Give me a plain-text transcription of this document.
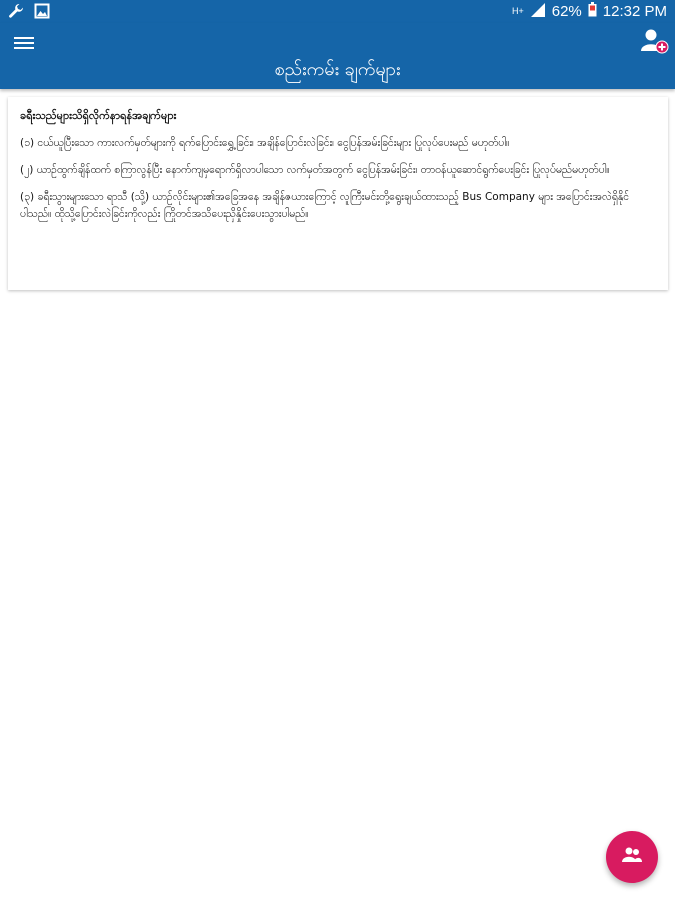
H+ 62% 12:32 PM
စည်းကမ်း ချက်များ
ခရီးသည်များသိရှိလိုက်နာရန်အချက်များ

(၁) ငယ်ယူပြီးသော ကားလက်မှတ်များကို ရက်ပြောင်းရွှေ့ခြင်း၊ အချိန်ပြောင်းလဲခြင်း၊ ငွေပြန်အမ်းခြင်းများ ပြုလုပ်ပေးမည် မဟုတ်ပါ။

(၂) ယာဉ်ထွက်ချိန်ထက် စကြာလွန်ပြီး နောက်ကျမှရောက်ရှိလာပါသော လက်မှတ်အတွက် ငွေပြန်အမ်းခြင်း၊ တာဝန်ယူဆောင်ရွက်ပေးခြင်း ပြုလုပ်မည်မဟုတ်ပါ။

(၃) ခရီးသွားများသော ရာသီ (သို့) ယာဉ်လိုင်းများ၏အခြေအနေ အချိန်ဇယားကြောင့် လူကြီးမင်းတို့ရွေးချယ်ထားသည့် Bus Company များ အပြောင်းအလဲရှိနိုင်ပါသည်။ ထိုသို့ပြောင်းလဲခြင်းကိုလည်း ကြိုတင်အသိပေးညှိနှိုင်းပေးသွားပါမည်။
